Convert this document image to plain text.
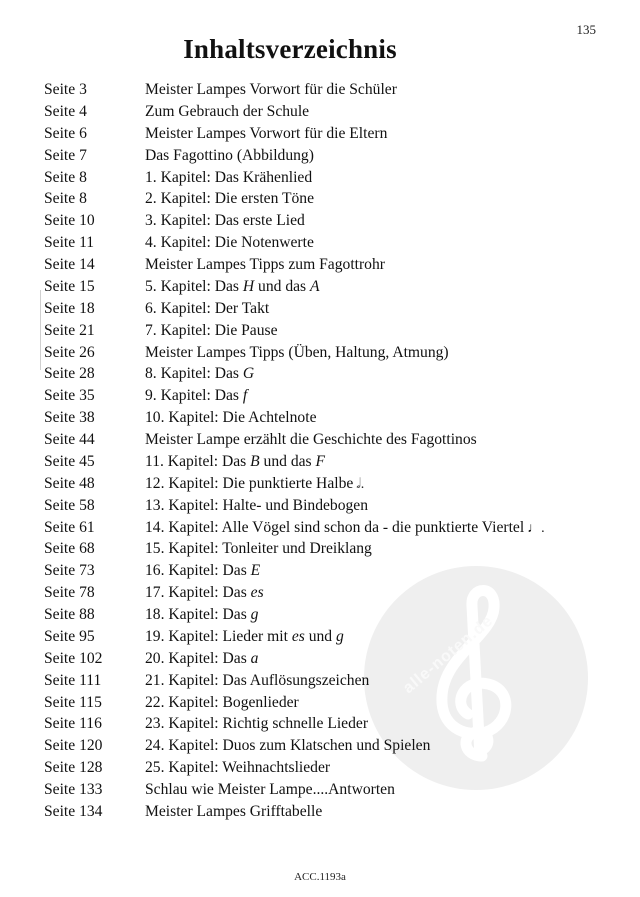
135
Inhaltsverzeichnis
alle-noten.de
Seite 3	Meister Lampes Vorwort für die Schüler
Seite 4	Zum Gebrauch der Schule
Seite 6	Meister Lampes Vorwort für die Eltern
Seite 7	Das Fagottino (Abbildung)
Seite 8	1. Kapitel: Das Krähenlied
Seite 8	2. Kapitel: Die ersten Töne
Seite 10	3. Kapitel: Das erste Lied
Seite 11	4. Kapitel: Die Notenwerte
Seite 14	Meister Lampes Tipps zum Fagottrohr
Seite 15	5. Kapitel: Das H und das A
Seite 18	6. Kapitel: Der Takt
Seite 21	7. Kapitel: Die Pause
Seite 26	Meister Lampes Tipps (Üben, Haltung, Atmung)
Seite 28	8. Kapitel: Das G
Seite 35	9. Kapitel: Das f
Seite 38	10. Kapitel: Die Achtelnote
Seite 44	Meister Lampe erzählt die Geschichte des Fagottinos
Seite 45	11. Kapitel: Das B und das F
Seite 48	12. Kapitel: Die punktierte Halbe 𝅗𝅥.
Seite 58	13. Kapitel: Halte- und Bindebogen
Seite 61	14. Kapitel: Alle Vögel sind schon da - die punktierte Viertel ♩.
Seite 68	15. Kapitel: Tonleiter und Dreiklang
Seite 73	16. Kapitel: Das E
Seite 78	17. Kapitel: Das es
Seite 88	18. Kapitel: Das g
Seite 95	19. Kapitel: Lieder mit es und g
Seite 102	20. Kapitel: Das a
Seite 111	21. Kapitel: Das Auflösungszeichen
Seite 115	22. Kapitel: Bogenlieder
Seite 116	23. Kapitel: Richtig schnelle Lieder
Seite 120	24. Kapitel: Duos zum Klatschen und Spielen
Seite 128	25. Kapitel: Weihnachtslieder
Seite 133	Schlau wie Meister Lampe....Antworten
Seite 134	Meister Lampes Grifftabelle
ACC.1193a
